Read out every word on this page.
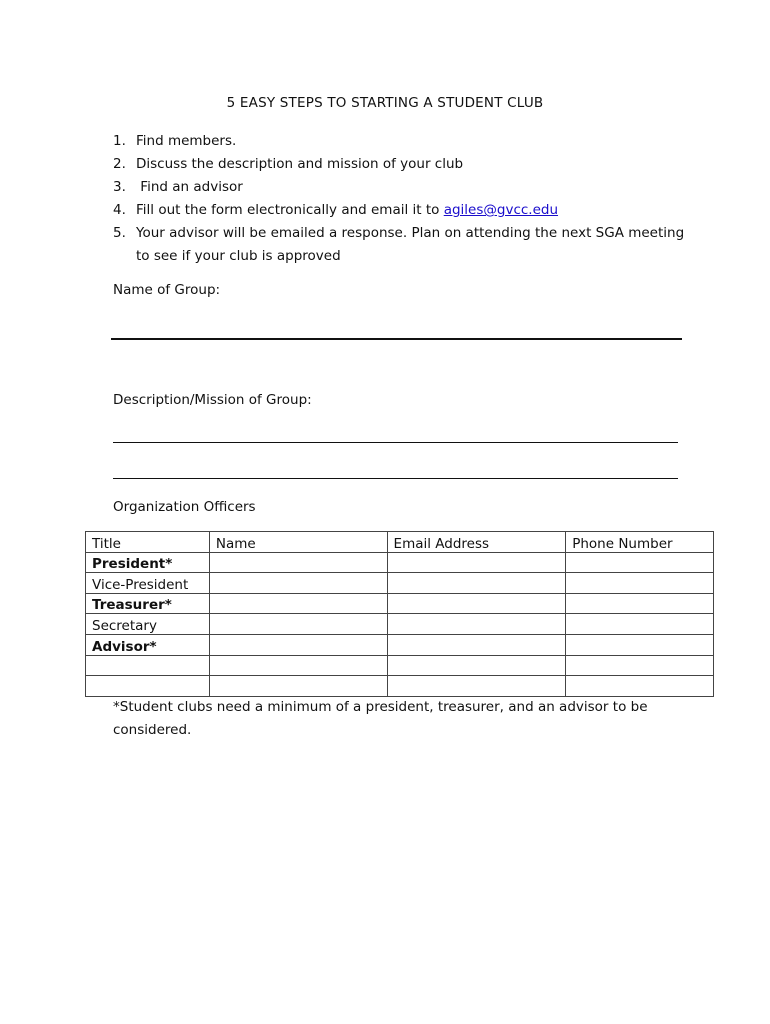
5 EASY STEPS TO STARTING A STUDENT CLUB
1. Find members.
2. Discuss the description and mission of your club
3. Find an advisor
4. Fill out the form electronically and email it to agiles@gvcc.edu
5. Your advisor will be emailed a response. Plan on attending the next SGA meeting to see if your club is approved
Name of Group:
Description/Mission of Group:
Organization Officers
Title	Name	Email Address	Phone Number
President*			
Vice-President			
Treasurer*			
Secretary			
Advisor*			

*Student clubs need a minimum of a president, treasurer, and an advisor to be considered.
